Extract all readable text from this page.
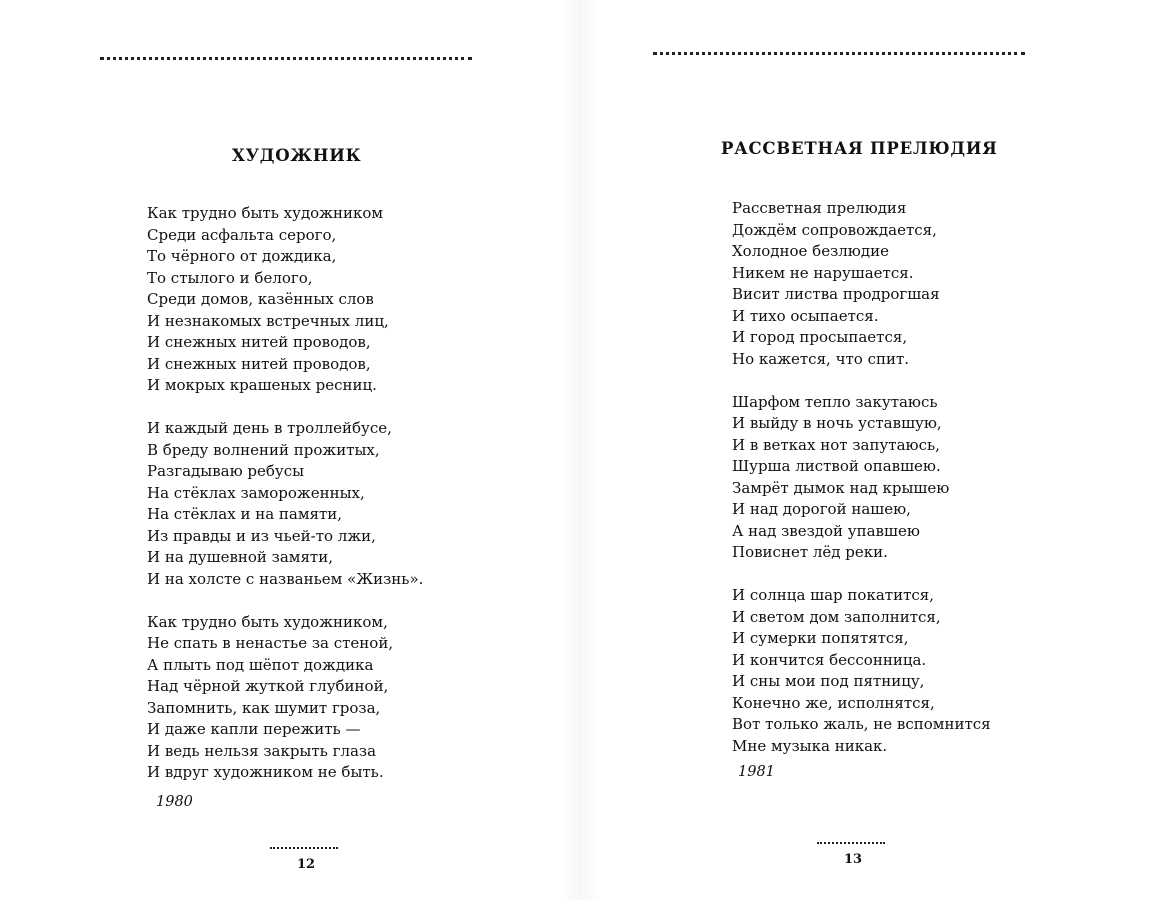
ХУДОЖНИК
Как трудно быть художником
Среди асфальта серого,
То чёрного от дождика,
То стылого и белого,
Среди домов, казённых слов
И незнакомых встречных лиц,
И снежных нитей проводов,
И снежных нитей проводов,
И мокрых крашеных ресниц.
И каждый день в троллейбусе,
В бреду волнений прожитых,
Разгадываю ребусы
На стёклах замороженных,
На стёклах и на памяти,
Из правды и из чьей-то лжи,
И на душевной замяти,
И на холсте с названьем «Жизнь».
Как трудно быть художником,
Не спать в ненастье за стеной,
А плыть под шёпот дождика
Над чёрной жуткой глубиной,
Запомнить, как шумит гроза,
И даже капли пережить —
И ведь нельзя закрыть глаза
И вдруг художником не быть.
1980
12
РАССВЕТНАЯ ПРЕЛЮДИЯ
Рассветная прелюдия
Дождём сопровождается,
Холодное безлюдие
Никем не нарушается.
Висит листва продрогшая
И тихо осыпается.
И город просыпается,
Но кажется, что спит.
Шарфом тепло закутаюсь
И выйду в ночь уставшую,
И в ветках нот запутаюсь,
Шурша листвой опавшею.
Замрёт дымок над крышею
И над дорогой нашею,
А над звездой упавшею
Повиснет лёд реки.
И солнца шар покатится,
И светом дом заполнится,
И сумерки попятятся,
И кончится бессонница.
И сны мои под пятницу,
Конечно же, исполнятся,
Вот только жаль, не вспомнится
Мне музыка никак.
1981
13
